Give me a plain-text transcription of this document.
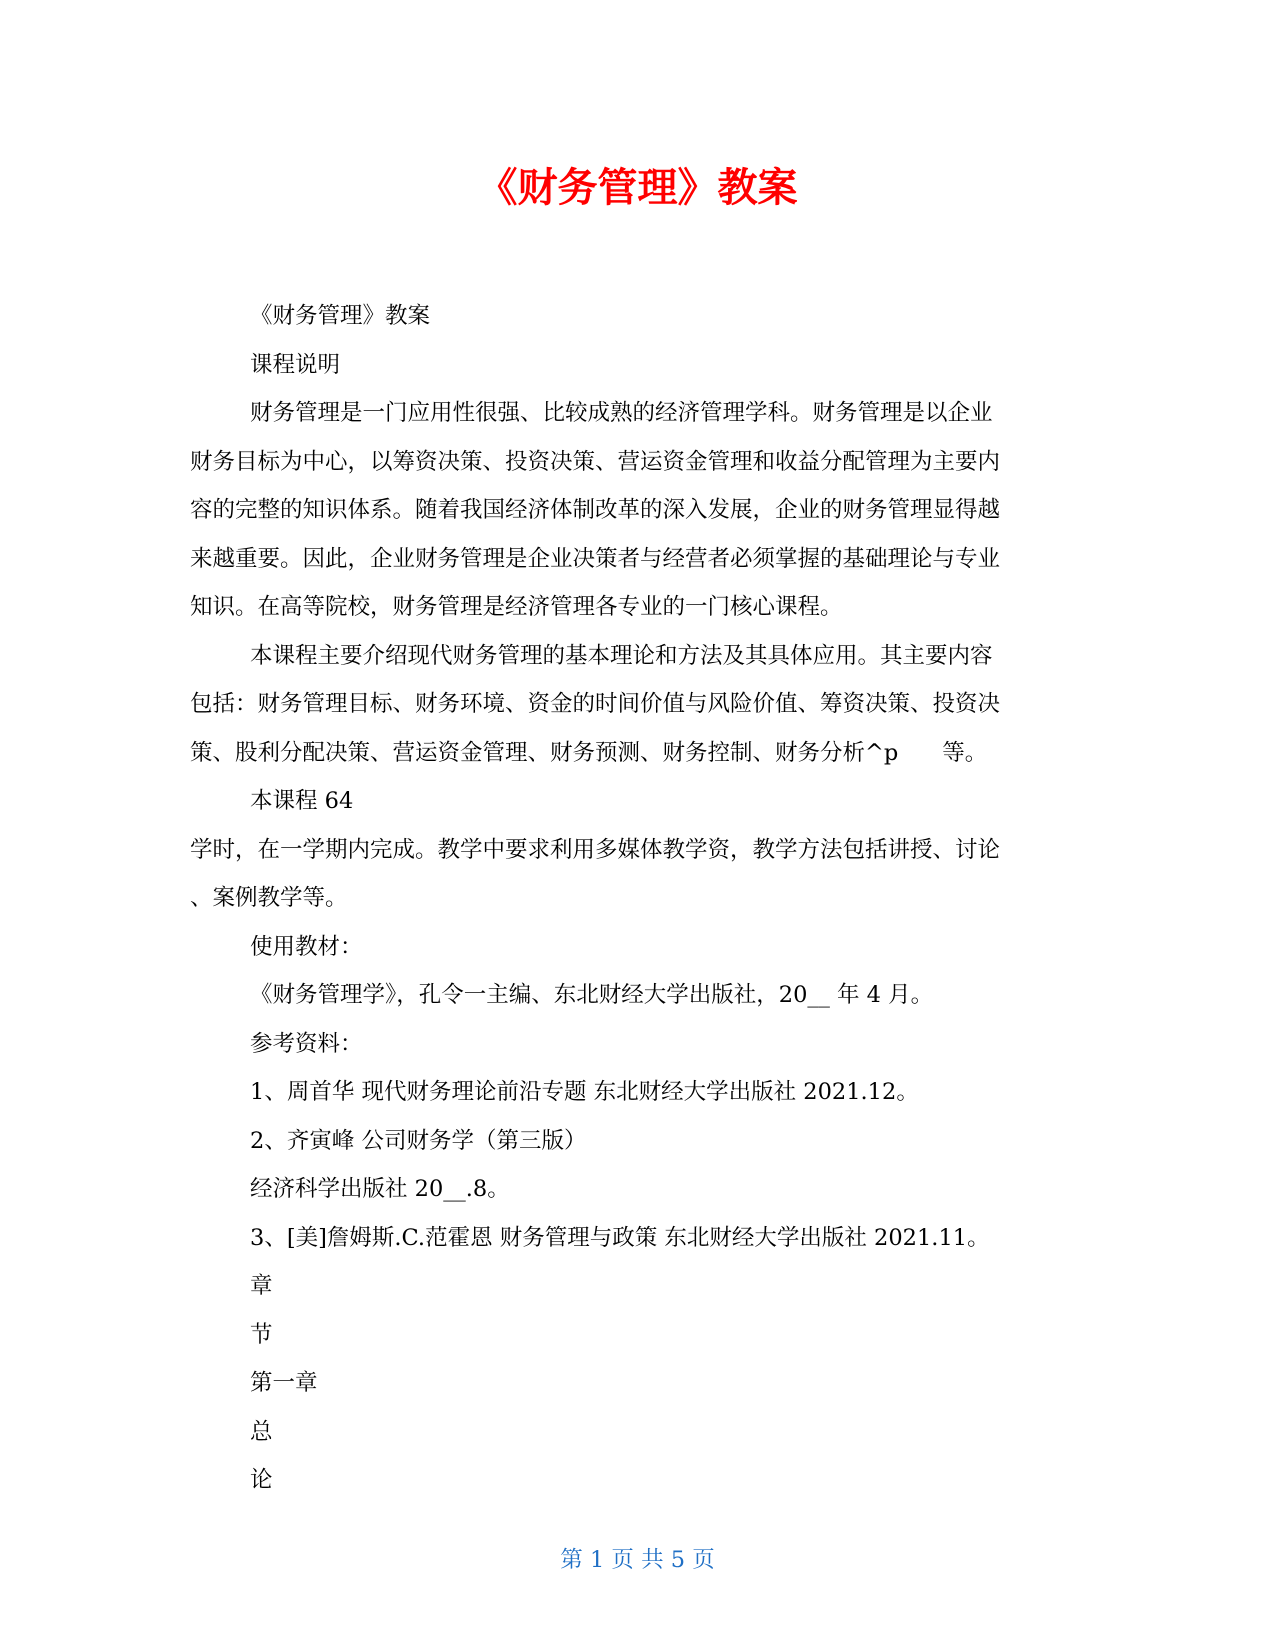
《财务管理》教案

《财务管理》教案

课程说明

财务管理是一门应用性很强、比较成熟的经济管理学科。财务管理是以企业

财务目标为中心，以筹资决策、投资决策、营运资金管理和收益分配管理为主要内

容的完整的知识体系。随着我国经济体制改革的深入发展，企业的财务管理显得越

来越重要。因此，企业财务管理是企业决策者与经营者必须掌握的基础理论与专业

知识。在高等院校，财务管理是经济管理各专业的一门核心课程。

本课程主要介绍现代财务管理的基本理论和方法及其具体应用。其主要内容

包括：财务管理目标、财务环境、资金的时间价值与风险价值、筹资决策、投资决

策、股利分配决策、营运资金管理、财务预测、财务控制、财务分析^p 等。

本课程 64

学时，在一学期内完成。教学中要求利用多媒体教学资，教学方法包括讲授、讨论

、案例教学等。

使用教材：

《财务管理学》，孔令一主编、东北财经大学出版社，20__ 年 4 月。

参考资料：

1、周首华 现代财务理论前沿专题 东北财经大学出版社 2021.12。

2、齐寅峰 公司财务学（第三版）

经济科学出版社 20__.8。

3、[美]詹姆斯.C.范霍恩 财务管理与政策 东北财经大学出版社 2021.11。

章

节

第一章

总

论

第 1 页 共 5 页
